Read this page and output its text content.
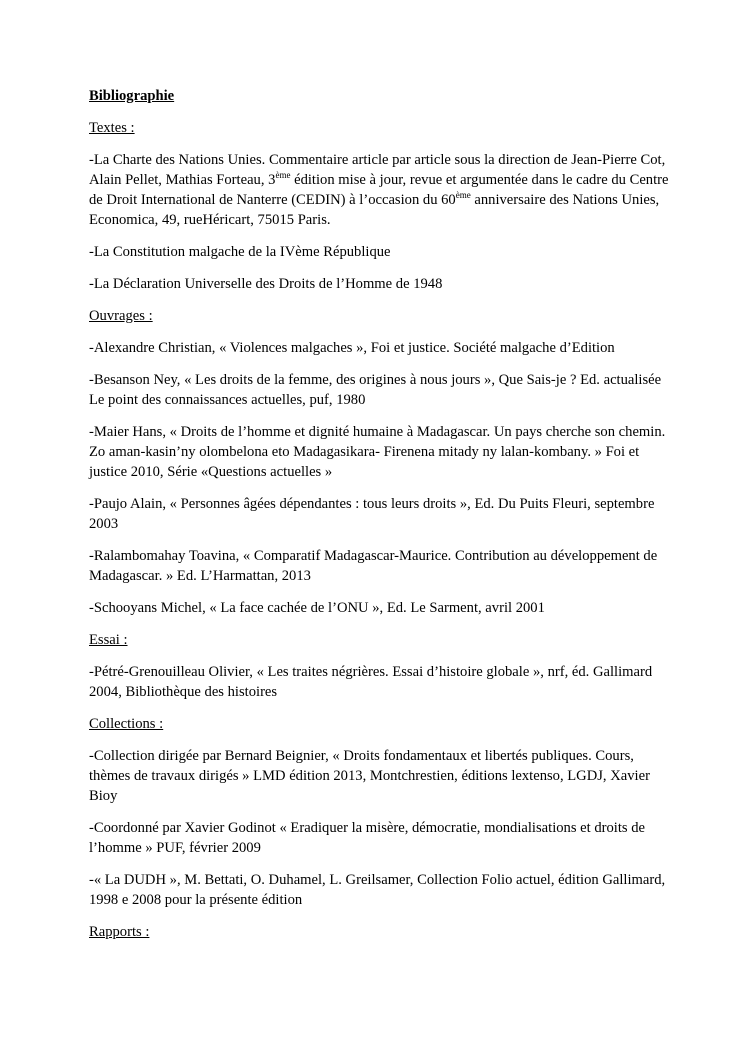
Bibliographie
Textes :

-La Charte des Nations Unies. Commentaire article par article sous la direction de Jean-Pierre Cot, Alain Pellet, Mathias Forteau, 3ème édition mise à jour, revue et argumentée dans le cadre du Centre de Droit International de Nanterre (CEDIN) à l’occasion du 60ème anniversaire des Nations Unies, Economica, 49, rueHéricart, 75015 Paris.

-La Constitution malgache de la IVème République

-La Déclaration Universelle des Droits de l’Homme de 1948

Ouvrages :

-Alexandre Christian, « Violences malgaches », Foi et justice. Société malgache d’Edition

-Besanson Ney, « Les droits de la femme, des origines à nous jours », Que Sais-je ? Ed. actualisée Le point des connaissances actuelles, puf, 1980

-Maier Hans, « Droits de l’homme et dignité humaine à Madagascar. Un pays cherche son chemin. Zo aman-kasin’ny olombelona eto Madagasikara- Firenena mitady ny lalan-kombany. » Foi et justice 2010, Série «Questions actuelles »

-Paujo Alain, « Personnes âgées dépendantes : tous leurs droits », Ed. Du Puits Fleuri, septembre 2003

-Ralambomahay Toavina, « Comparatif Madagascar-Maurice. Contribution au développement de Madagascar. » Ed. L’Harmattan, 2013

-Schooyans Michel, « La face cachée de l’ONU », Ed. Le Sarment, avril 2001

Essai :

-Pétré-Grenouilleau Olivier, « Les traites négrières. Essai d’histoire globale », nrf, éd. Gallimard 2004, Bibliothèque des histoires

Collections :

-Collection dirigée par Bernard Beignier, « Droits fondamentaux et libertés publiques. Cours, thèmes de travaux dirigés » LMD édition 2013, Montchrestien, éditions lextenso, LGDJ, Xavier Bioy

-Coordonné par Xavier Godinot « Eradiquer la misère, démocratie, mondialisations et droits de l’homme » PUF, février 2009

-« La DUDH », M. Bettati, O. Duhamel, L. Greilsamer, Collection Folio actuel, édition Gallimard, 1998 e 2008 pour la présente édition

Rapports :
